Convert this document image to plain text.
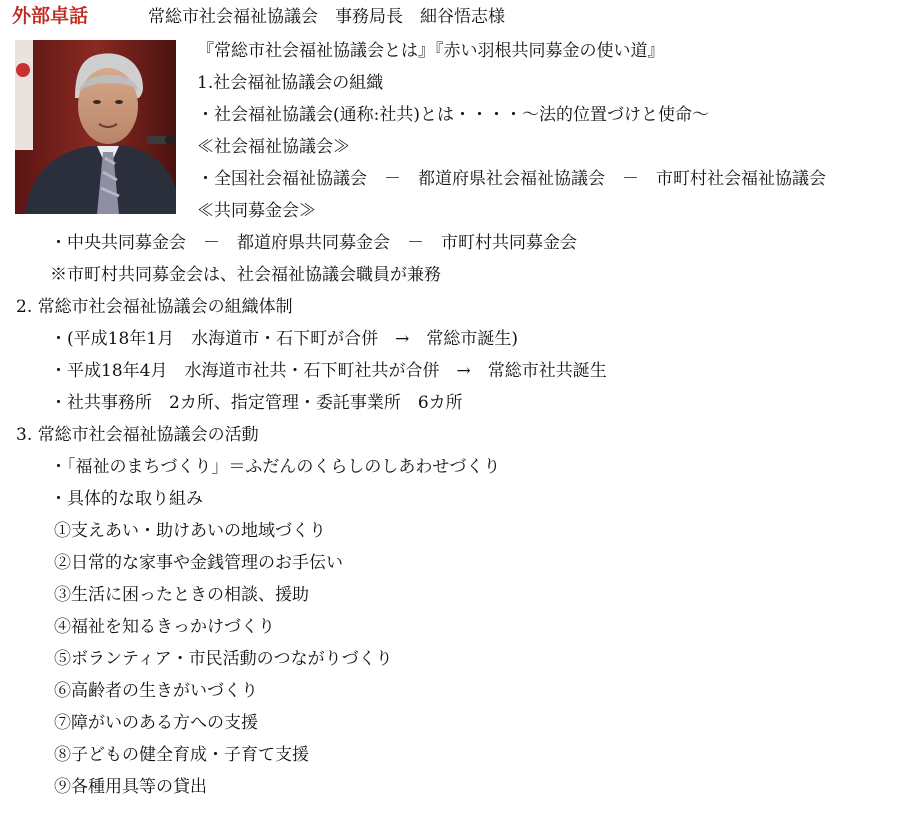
外部卓話	常総市社会福祉協議会　事務局長　細谷悟志様
『常総市社会福祉協議会とは』『赤い羽根共同募金の使い道』
1.社会福祉協議会の組織
・社会福祉協議会(通称:社共)とは・・・・～法的位置づけと使命～
≪社会福祉協議会≫
・全国社会福祉協議会　－　都道府県社会福祉協議会　－　市町村社会福祉協議会
≪共同募金会≫
・中央共同募金会　－　都道府県共同募金会　－　市町村共同募金会
※市町村共同募金会は、社会福祉協議会職員が兼務
2. 常総市社会福祉協議会の組織体制
・(平成18年1月　水海道市・石下町が合併　→　常総市誕生)
・平成18年4月　水海道市社共・石下町社共が合併　→　常総市社共誕生
・社共事務所　2カ所、指定管理・委託事業所　6カ所
3. 常総市社会福祉協議会の活動
・「福祉のまちづくり」＝ふだんのくらしのしあわせづくり
・具体的な取り組み
①支えあい・助けあいの地域づくり
②日常的な家事や金銭管理のお手伝い
③生活に困ったときの相談、援助
④福祉を知るきっかけづくり
⑤ボランティア・市民活動のつながりづくり
⑥高齢者の生きがいづくり
⑦障がいのある方への支援
⑧子どもの健全育成・子育て支援
⑨各種用具等の貸出
